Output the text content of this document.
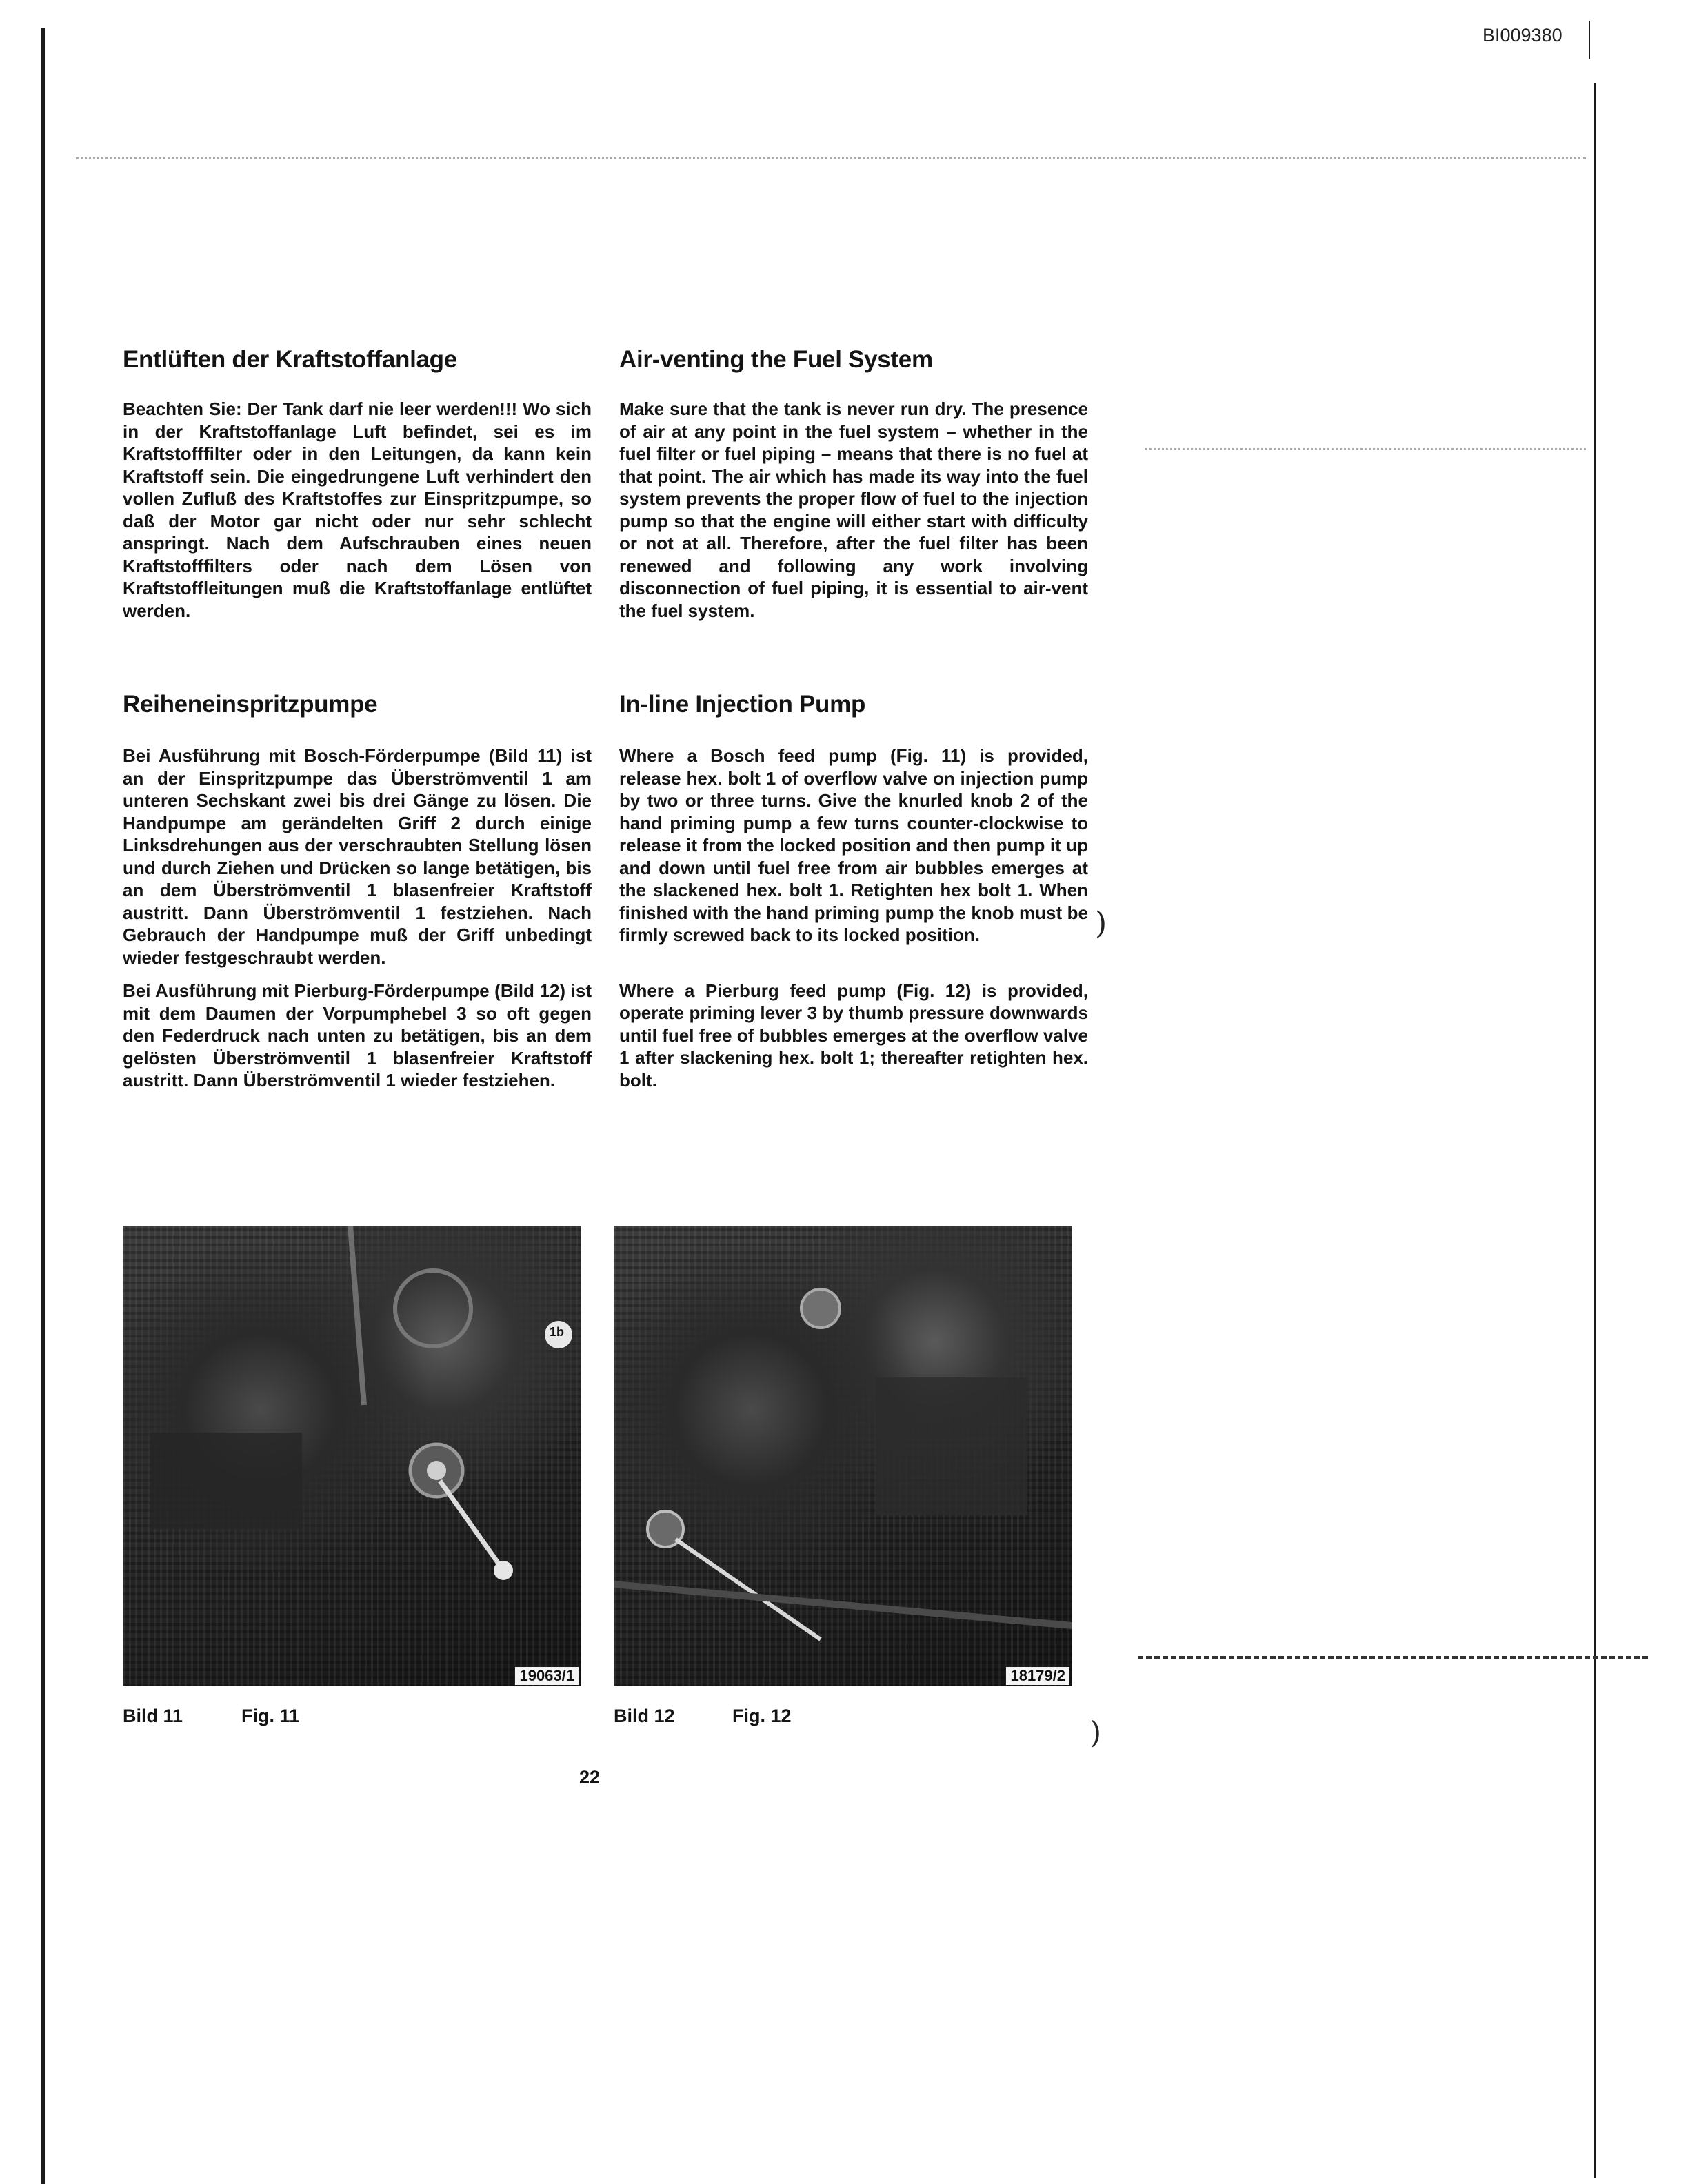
BI009380
Entlüften der Kraftstoffanlage

Beachten Sie: Der Tank darf nie leer werden!!! Wo sich in der Kraftstoffanlage Luft befindet, sei es im Kraftstofffilter oder in den Leitungen, da kann kein Kraftstoff sein. Die eingedrungene Luft verhindert den vollen Zufluß des Kraftstoffes zur Einspritzpumpe, so daß der Motor gar nicht oder nur sehr schlecht anspringt. Nach dem Aufschrauben eines neuen Kraftstofffilters oder nach dem Lösen von Kraftstoffleitungen muß die Kraftstoffanlage entlüftet werden.

Reiheneinspritzpumpe

Bei Ausführung mit Bosch-Förderpumpe (Bild 11) ist an der Einspritzpumpe das Überströmventil 1 am unteren Sechskant zwei bis drei Gänge zu lösen. Die Handpumpe am gerändelten Griff 2 durch einige Linksdrehungen aus der verschraubten Stellung lösen und durch Ziehen und Drücken so lange betätigen, bis an dem Überströmventil 1 blasenfreier Kraftstoff austritt. Dann Überströmventil 1 festziehen. Nach Gebrauch der Handpumpe muß der Griff unbedingt wieder festgeschraubt werden.

Bei Ausführung mit Pierburg-Förderpumpe (Bild 12) ist mit dem Daumen der Vorpumphebel 3 so oft gegen den Federdruck nach unten zu betätigen, bis an dem gelösten Überströmventil 1 blasenfreier Kraftstoff austritt. Dann Überströmventil 1 wieder festziehen.

Air-venting the Fuel System

Make sure that the tank is never run dry. The presence of air at any point in the fuel system – whether in the fuel filter or fuel piping – means that there is no fuel at that point. The air which has made its way into the fuel system prevents the proper flow of fuel to the injection pump so that the engine will either start with difficulty or not at all. Therefore, after the fuel filter has been renewed and following any work involving disconnection of fuel piping, it is essential to air-vent the fuel system.

In-line Injection Pump

Where a Bosch feed pump (Fig. 11) is provided, release hex. bolt 1 of overflow valve on injection pump by two or three turns. Give the knurled knob 2 of the hand priming pump a few turns counter-clockwise to release it from the locked position and then pump it up and down until fuel free from air bubbles emerges at the slackened hex. bolt 1. Retighten hex bolt 1. When finished with the hand priming pump the knob must be firmly screwed back to its locked position.

Where a Pierburg feed pump (Fig. 12) is provided, operate priming lever 3 by thumb pressure downwards until fuel free of bubbles emerges at the overflow valve 1 after slackening hex. bolt 1; thereafter retighten hex. bolt.

1b
19063/1
Bild 11	Fig. 11
18179/2
Bild 12	Fig. 12
)
)
22
